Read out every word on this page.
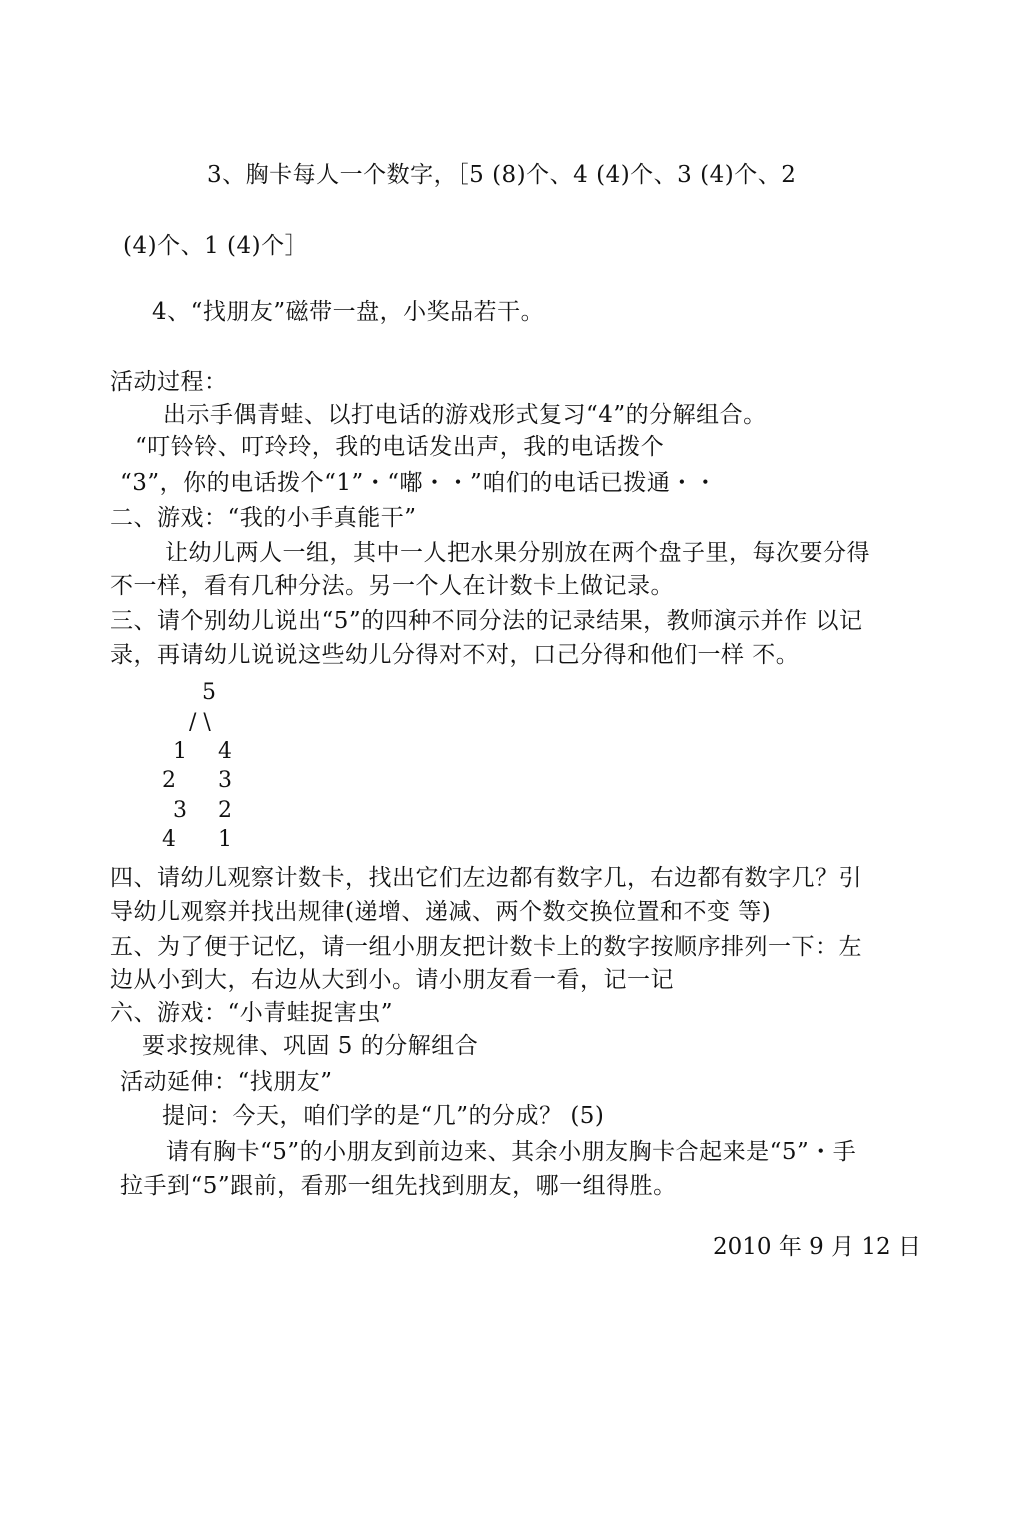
3、胸卡每人一个数字，［5 (8)个、4 (4)个、3 (4)个、2
(4)个、1 (4)个］
4、“找朋友”磁带一盘，小奖品若干。
活动过程：
出示手偶青蛙、以打电话的游戏形式复习“4”的分解组合。
“叮铃铃、叮玲玲，我的电话发出声，我的电话拨个
“3”，你的电话拨个“1”・“嘟・・”咱们的电话已拨通・・
二、游戏：“我的小手真能干”
让幼儿两人一组，其中一人把水果分别放在两个盘子里，每次要分得
不一样，看有几种分法。另一个人在计数卡上做记录。
三、请个别幼儿说出“5”的四种不同分法的记录结果，教师演示并作 以记
录，再请幼儿说说这些幼儿分得对不对，口己分得和他们一样 不。
5
/ \
1 4
2 3
3 2
4 1
四、请幼儿观察计数卡，找出它们左边都有数字几，右边都有数字几？引
导幼儿观察并找出规律(递增、递减、两个数交换位置和不变 等)
五、为了便于记忆，请一组小朋友把计数卡上的数字按顺序排列一下：左
边从小到大，右边从大到小。请小朋友看一看，记一记
六、游戏：“小青蛙捉害虫”
要求按规律、巩固 5 的分解组合
活动延伸：“找朋友”
提问：今天，咱们学的是“几”的分成？ (5)
请有胸卡“5”的小朋友到前边来、其余小朋友胸卡合起来是“5”・手
拉手到“5”跟前，看那一组先找到朋友，哪一组得胜。
2010 年 9 月 12 日
